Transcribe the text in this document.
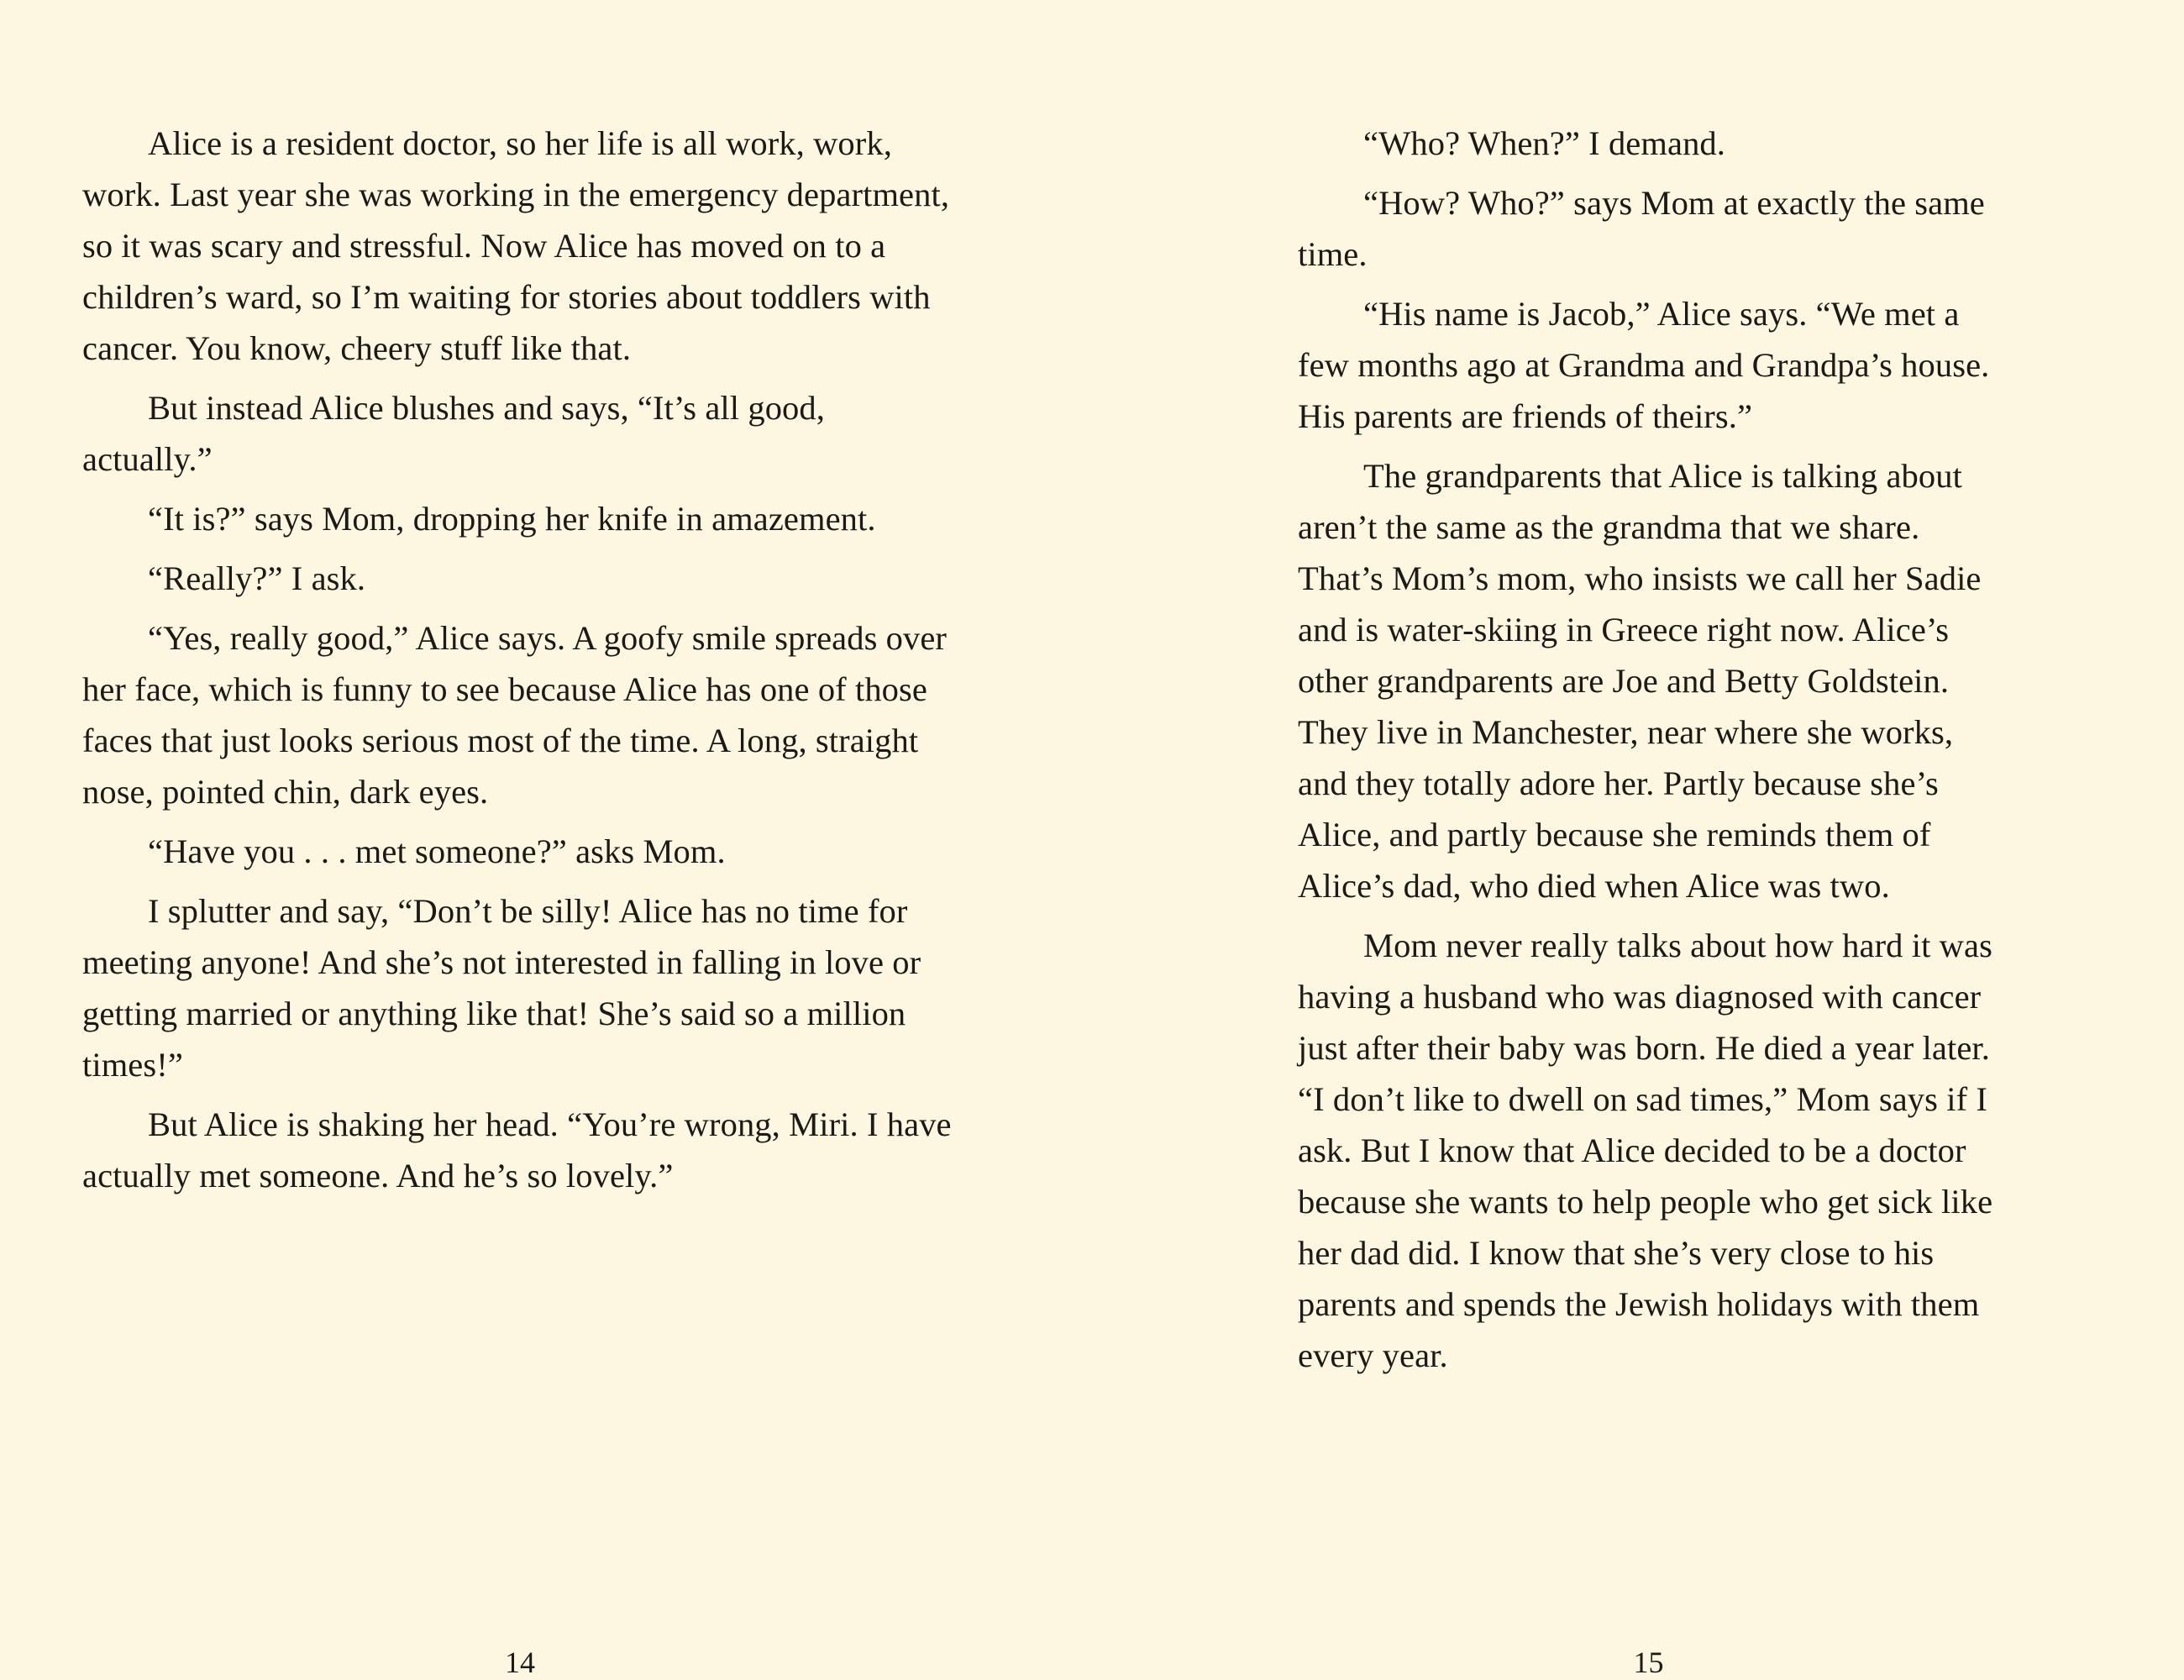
Alice is a resident doctor, so her life is all work, work, work. Last year she was working in the emergency department, so it was scary and stressful. Now Alice has moved on to a children’s ward, so I’m waiting for stories about toddlers with cancer. You know, cheery stuff like that.

But instead Alice blushes and says, “It’s all good, actually.”

“It is?” says Mom, dropping her knife in amazement.

“Really?” I ask.

“Yes, really good,” Alice says. A goofy smile spreads over her face, which is funny to see because Alice has one of those faces that just looks serious most of the time. A long, straight nose, pointed chin, dark eyes.

“Have you . . . met someone?” asks Mom.

I splutter and say, “Don’t be silly! Alice has no time for meeting anyone! And she’s not interested in falling in love or getting married or anything like that! She’s said so a million times!”

But Alice is shaking her head. “You’re wrong, Miri. I have actually met someone. And he’s so lovely.”

14

“Who? When?” I demand.

“How? Who?” says Mom at exactly the same time.

“His name is Jacob,” Alice says. “We met a few months ago at Grandma and Grandpa’s house. His parents are friends of theirs.”

The grandparents that Alice is talking about aren’t the same as the grandma that we share. That’s Mom’s mom, who insists we call her Sadie and is water-skiing in Greece right now. Alice’s other grandparents are Joe and Betty Goldstein. They live in Manchester, near where she works, and they totally adore her. Partly because she’s Alice, and partly because she reminds them of Alice’s dad, who died when Alice was two.

Mom never really talks about how hard it was having a husband who was diagnosed with cancer just after their baby was born. He died a year later. “I don’t like to dwell on sad times,” Mom says if I ask. But I know that Alice decided to be a doctor because she wants to help people who get sick like her dad did. I know that she’s very close to his parents and spends the Jewish holidays with them every year.

15
